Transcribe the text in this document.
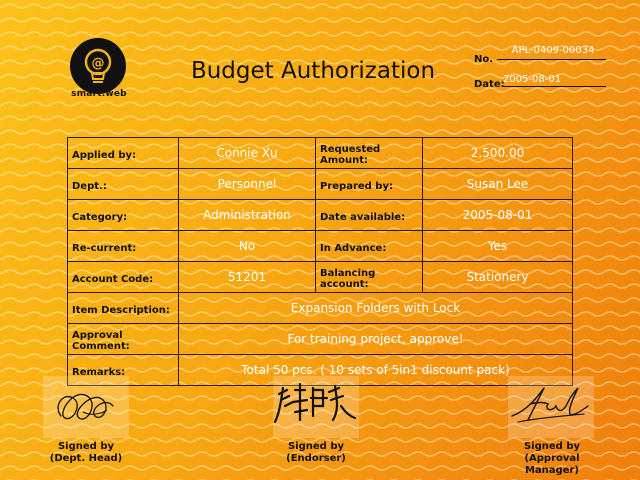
@
smart.web
Budget Authorization	No.
APL-0409-00034
Date:
2005-08-01
Applied by:	Connie Xu	Requested Amount:	2,500.00
Dept.:	Personnel	Prepared by:	Susan Lee
Category:	Administration	Date available:	2005-08-01
Re-current:	No	In Advance:	Yes
Account Code:	51201	Balancing account:	Stationery
Item Description:	Expansion Folders with Lock		
Approval Comment:	For training project, approve!		
Remarks:	Total 50 pcs. ( 10 sets of 5in1 discount pack)		
Signed by
(Dept. Head)
Signed by
(Endorser)
Signed by
(Approval Manager)
